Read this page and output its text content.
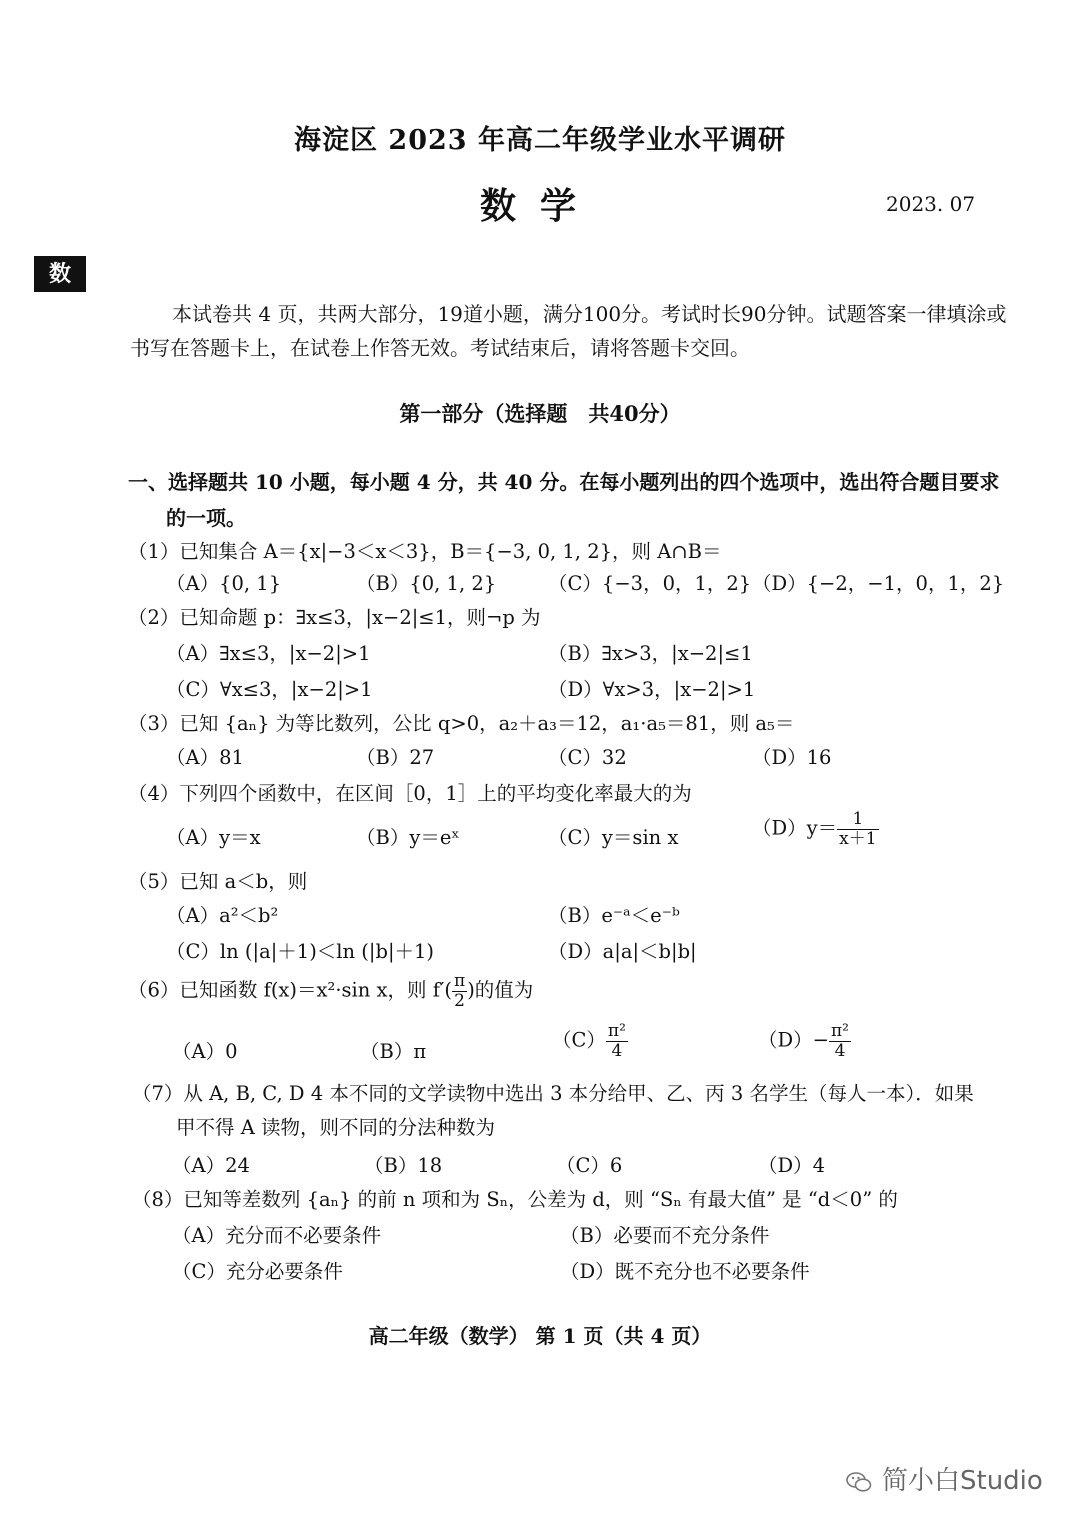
海淀区 2023 年高二年级学业水平调研
数学	2023. 07
数
本试卷共 4 页，共两大部分，19道小题，满分100分。考试时长90分钟。试题答案一律填涂或
书写在答题卡上，在试卷上作答无效。考试结束后，请将答题卡交回。
第一部分（选择题　共40分）
一、选择题共 10 小题，每小题 4 分，共 40 分。在每小题列出的四个选项中，选出符合题目要求
的一项。
（1）已知集合 A＝{x|−3＜x＜3}，B＝{−3, 0, 1, 2}，则 A∩B＝
（A）{0, 1}	（B）{0, 1, 2}	（C）{−3，0，1，2} （D）{−2，−1，0，1，2}
（2）已知命题 p：∃x≤3，|x−2|≤1，则¬p 为
（A）∃x≤3，|x−2|>1	（B）∃x>3，|x−2|≤1
（C）∀x≤3，|x−2|>1	（D）∀x>3，|x−2|>1
（3）已知 {aₙ} 为等比数列，公比 q>0，a₂＋a₃＝12，a₁·a₅＝81，则 a₅＝
（A）81	（B）27	（C）32	（D）16
（4）下列四个函数中，在区间［0，1］上的平均变化率最大的为
（A）y＝x	（B）y＝eˣ	（C）y＝sin x	$(D)y= \frac{1}{x+1}$
（5）已知 a＜b，则
（A）a²＜b²	（B）e⁻ᵃ＜e⁻ᵇ
（C）ln (|a|＋1)＜ln (|b|＋1)	（D）a|a|＜b|b|
（6）已知函数 f(x)＝x²·sin x，则 $f'( \frac{\pi}{2}$ )的值为
（A）0	（B）π	$(C) \frac{\text{π²}}{4}$	$(D)- \frac{\text{π²}}{4}$
（7）从 A, B, C, D 4 本不同的文学读物中选出 3 本分给甲、乙、丙 3 名学生（每人一本）．如果
甲不得 A 读物，则不同的分法种数为
（A）24	（B）18	（C）6	（D）4
（8）已知等差数列 {aₙ} 的前 n 项和为 Sₙ，公差为 d，则 “Sₙ 有最大值” 是 “d＜0” 的
（A）充分而不必要条件	（B）必要而不充分条件
（C）充分必要条件	（D）既不充分也不必要条件
高二年级（数学） 第 1 页（共 4 页）
简小白Studio
